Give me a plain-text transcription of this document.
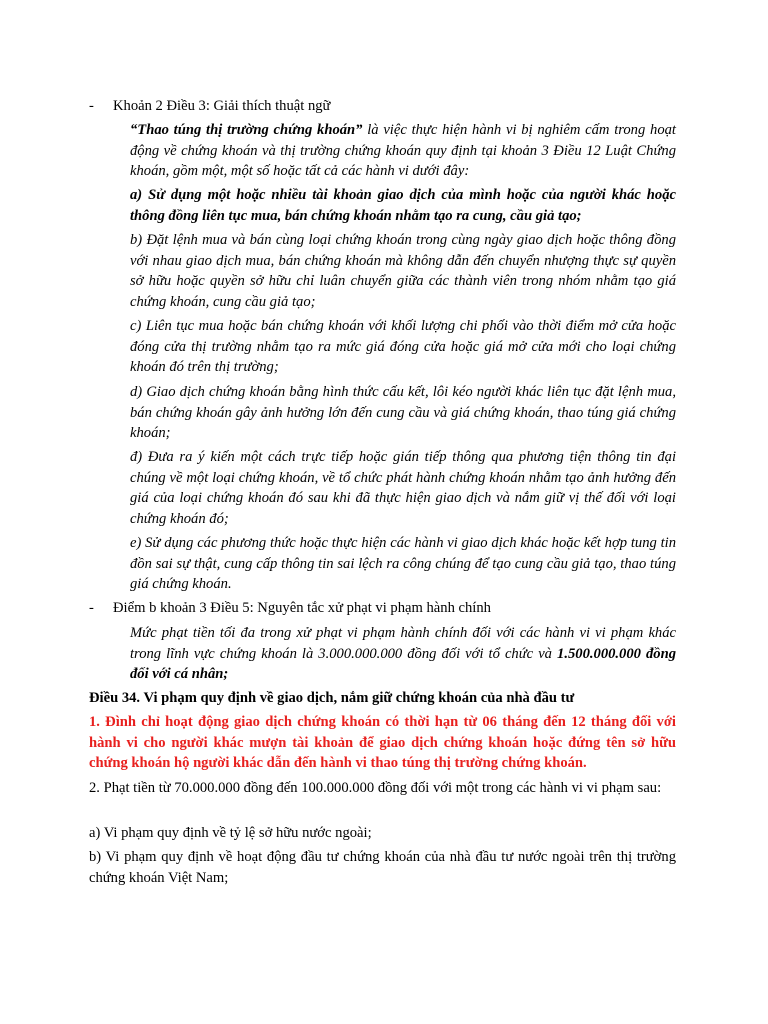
- Khoản 2 Điều 3: Giải thích thuật ngữ

“Thao túng thị trường chứng khoán” là việc thực hiện hành vi bị nghiêm cấm trong hoạt động về chứng khoán và thị trường chứng khoán quy định tại khoản 3 Điều 12 Luật Chứng khoán, gồm một, một số hoặc tất cả các hành vi dưới đây:

a) Sử dụng một hoặc nhiều tài khoản giao dịch của mình hoặc của người khác hoặc thông đồng liên tục mua, bán chứng khoán nhằm tạo ra cung, cầu giả tạo;

b) Đặt lệnh mua và bán cùng loại chứng khoán trong cùng ngày giao dịch hoặc thông đồng với nhau giao dịch mua, bán chứng khoán mà không dẫn đến chuyển nhượng thực sự quyền sở hữu hoặc quyền sở hữu chỉ luân chuyển giữa các thành viên trong nhóm nhằm tạo giá chứng khoán, cung cầu giả tạo;

c) Liên tục mua hoặc bán chứng khoán với khối lượng chi phối vào thời điểm mở cửa hoặc đóng cửa thị trường nhằm tạo ra mức giá đóng cửa hoặc giá mở cửa mới cho loại chứng khoán đó trên thị trường;

d) Giao dịch chứng khoán bằng hình thức cấu kết, lôi kéo người khác liên tục đặt lệnh mua, bán chứng khoán gây ảnh hưởng lớn đến cung cầu và giá chứng khoán, thao túng giá chứng khoán;

đ) Đưa ra ý kiến một cách trực tiếp hoặc gián tiếp thông qua phương tiện thông tin đại chúng về một loại chứng khoán, về tổ chức phát hành chứng khoán nhằm tạo ảnh hưởng đến giá của loại chứng khoán đó sau khi đã thực hiện giao dịch và nắm giữ vị thế đối với loại chứng khoán đó;

e) Sử dụng các phương thức hoặc thực hiện các hành vi giao dịch khác hoặc kết hợp tung tin đồn sai sự thật, cung cấp thông tin sai lệch ra công chúng để tạo cung cầu giả tạo, thao túng giá chứng khoán.

- Điểm b khoản 3 Điều 5: Nguyên tắc xử phạt vi phạm hành chính

Mức phạt tiền tối đa trong xử phạt vi phạm hành chính đối với các hành vi vi phạm khác trong lĩnh vực chứng khoán là 3.000.000.000 đồng đối với tổ chức và 1.500.000.000 đồng đối với cá nhân;

Điều 34. Vi phạm quy định về giao dịch, nắm giữ chứng khoán của nhà đầu tư

1. Đình chỉ hoạt động giao dịch chứng khoán có thời hạn từ 06 tháng đến 12 tháng đối với hành vi cho người khác mượn tài khoản để giao dịch chứng khoán hoặc đứng tên sở hữu chứng khoán hộ người khác dẫn đến hành vi thao túng thị trường chứng khoán.

2. Phạt tiền từ 70.000.000 đồng đến 100.000.000 đồng đối với một trong các hành vi vi phạm sau:

a) Vi phạm quy định về tỷ lệ sở hữu nước ngoài;

b) Vi phạm quy định về hoạt động đầu tư chứng khoán của nhà đầu tư nước ngoài trên thị trường chứng khoán Việt Nam;
